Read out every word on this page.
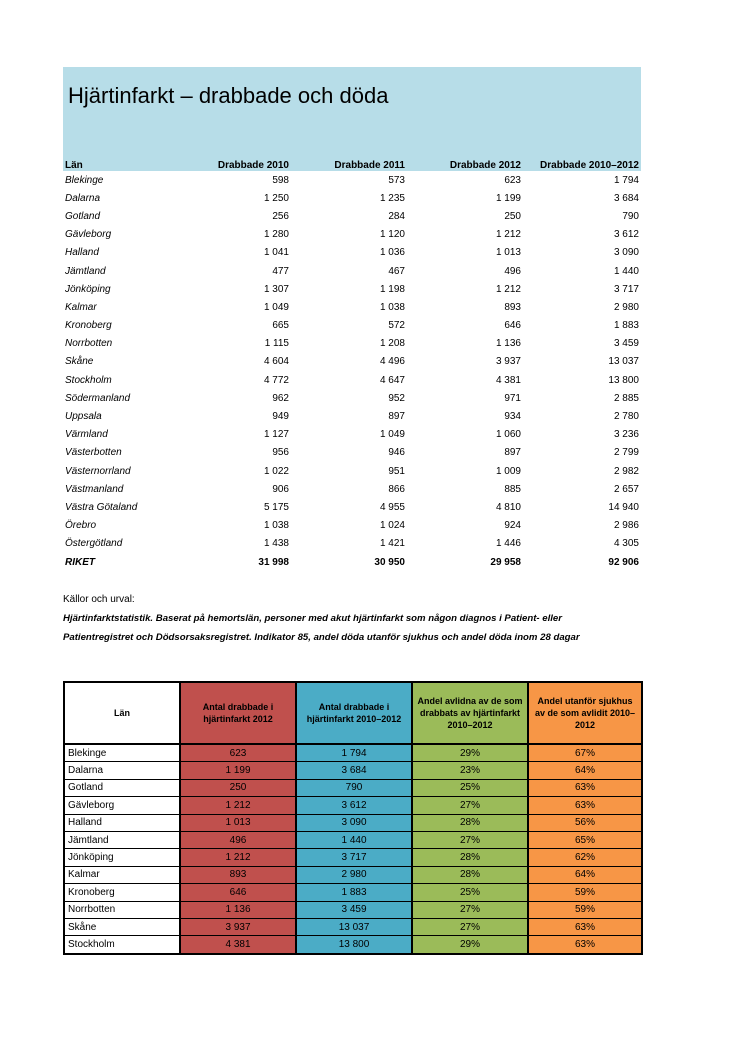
Hjärtinfarkt – drabbade och döda
Län	Drabbade 2010	Drabbade 2011	Drabbade 2012	Drabbade 2010–2012
Blekinge	598	573	623	1 794
Dalarna	1 250	1 235	1 199	3 684
Gotland	256	284	250	790
Gävleborg	1 280	1 120	1 212	3 612
Halland	1 041	1 036	1 013	3 090
Jämtland	477	467	496	1 440
Jönköping	1 307	1 198	1 212	3 717
Kalmar	1 049	1 038	893	2 980
Kronoberg	665	572	646	1 883
Norrbotten	1 115	1 208	1 136	3 459
Skåne	4 604	4 496	3 937	13 037
Stockholm	4 772	4 647	4 381	13 800
Södermanland	962	952	971	2 885
Uppsala	949	897	934	2 780
Värmland	1 127	1 049	1 060	3 236
Västerbotten	956	946	897	2 799
Västernorrland	1 022	951	1 009	2 982
Västmanland	906	866	885	2 657
Västra Götaland	5 175	4 955	4 810	14 940
Örebro	1 038	1 024	924	2 986
Östergötland	1 438	1 421	1 446	4 305
RIKET	31 998	30 950	29 958	92 906
Källor och urval:
Hjärtinfarktstatistik. Baserat på hemortslän, personer med akut hjärtinfarkt som någon diagnos i Patient- eller
Patientregistret och Dödsorsaksregistret. Indikator 85, andel döda utanför sjukhus och andel döda inom 28 dagar
Län	Antal drabbade i hjärtinfarkt 2012	Antal drabbade i hjärtinfarkt 2010–2012	Andel avlidna av de som drabbats av hjärtinfarkt 2010–2012	Andel utanför sjukhus av de som avlidit 2010–2012
Blekinge	623	1 794	29%	67%
Dalarna	1 199	3 684	23%	64%
Gotland	250	790	25%	63%
Gävleborg	1 212	3 612	27%	63%
Halland	1 013	3 090	28%	56%
Jämtland	496	1 440	27%	65%
Jönköping	1 212	3 717	28%	62%
Kalmar	893	2 980	28%	64%
Kronoberg	646	1 883	25%	59%
Norrbotten	1 136	3 459	27%	59%
Skåne	3 937	13 037	27%	63%
Stockholm	4 381	13 800	29%	63%
